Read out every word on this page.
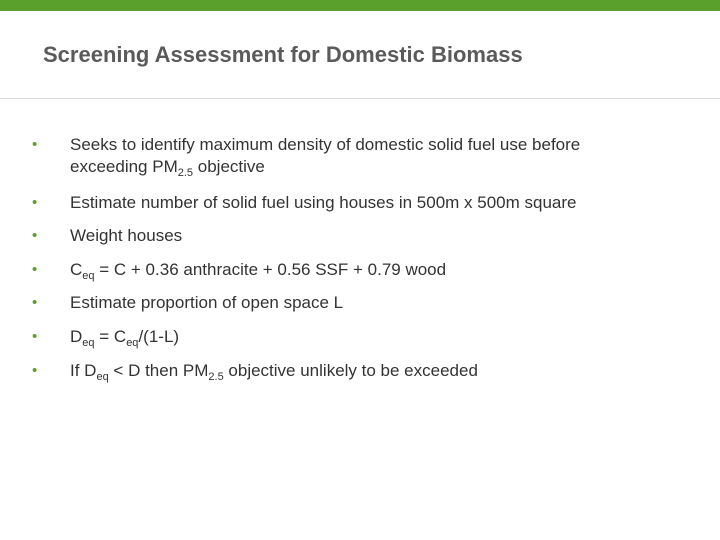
Screening Assessment for Domestic Biomass
• Seeks to identify maximum density of domestic solid fuel use before
exceeding $PM_{2.5}$ objective
• Estimate number of solid fuel using houses in 500m x 500m square
• Weight houses
• $C_{eq} = C + 0.36$ anthracite + 0.56 SSF + 0.79 wood
• Estimate proportion of open space L
• $D_{eq} = C_{eq}/(1-L)$
• If $D_{eq} < D$ then $PM_{2.5}$ objective unlikely to be exceeded
